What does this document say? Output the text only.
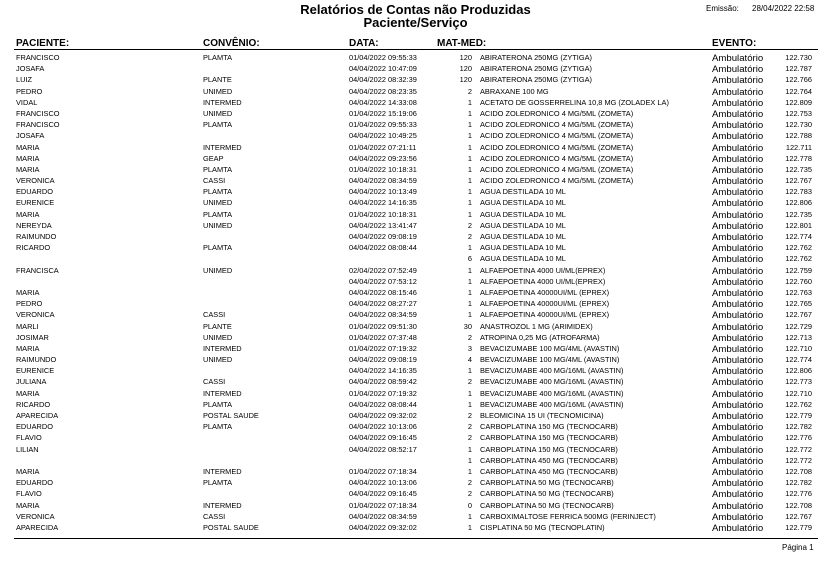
Relatórios de Contas não Produzidas
Paciente/Serviço
Emissão: 28/04/2022 22:58
PACIENTE:	CONVÊNIO:	DATA:	MAT-MED:	EVENTO:
FRANCISCO	PLAMTA	01/04/2022 09:55:33	120 ABIRATERONA 250MG (ZYTIGA)	Ambulatório	122.730
JOSAFA	04/04/2022 10:47:09	120 ABIRATERONA 250MG (ZYTIGA)	Ambulatório	122.787
LUIZ	PLANTE	04/04/2022 08:32:39	120 ABIRATERONA 250MG (ZYTIGA)	Ambulatório	122.766
PEDRO	UNIMED	04/04/2022 08:23:35	2 ABRAXANE 100 MG	Ambulatório	122.764
VIDAL	INTERMED	04/04/2022 14:33:08	1 ACETATO DE GOSSERRELINA 10,8 MG (ZOLADEX LA)	Ambulatório	122.809
FRANCISCO	UNIMED	01/04/2022 15:19:06	1 ACIDO ZOLEDRONICO 4 MG/5ML (ZOMETA)	Ambulatório	122.753
FRANCISCO	PLAMTA	01/04/2022 09:55:33	1 ACIDO ZOLEDRONICO 4 MG/5ML (ZOMETA)	Ambulatório	122.730
JOSAFA	04/04/2022 10:49:25	1 ACIDO ZOLEDRONICO 4 MG/5ML (ZOMETA)	Ambulatório	122.788
MARIA	INTERMED	01/04/2022 07:21:11	1 ACIDO ZOLEDRONICO 4 MG/5ML (ZOMETA)	Ambulatório	122.711
MARIA	GEAP	04/04/2022 09:23:56	1 ACIDO ZOLEDRONICO 4 MG/5ML (ZOMETA)	Ambulatório	122.778
MARIA	PLAMTA	01/04/2022 10:18:31	1 ACIDO ZOLEDRONICO 4 MG/5ML (ZOMETA)	Ambulatório	122.735
VERONICA	CASSI	04/04/2022 08:34:59	1 ACIDO ZOLEDRONICO 4 MG/5ML (ZOMETA)	Ambulatório	122.767
EDUARDO	PLAMTA	04/04/2022 10:13:49	1 AGUA DESTILADA 10 ML	Ambulatório	122.783
EURENICE	UNIMED	04/04/2022 14:16:35	1 AGUA DESTILADA 10 ML	Ambulatório	122.806
MARIA	PLAMTA	01/04/2022 10:18:31	1 AGUA DESTILADA 10 ML	Ambulatório	122.735
NEREYDA	UNIMED	04/04/2022 13:41:47	2 AGUA DESTILADA 10 ML	Ambulatório	122.801
RAIMUNDO	04/04/2022 09:08:19	2 AGUA DESTILADA 10 ML	Ambulatório	122.774
RICARDO	PLAMTA	04/04/2022 08:08:44	1 AGUA DESTILADA 10 ML	Ambulatório	122.762
6 AGUA DESTILADA 10 ML	Ambulatório	122.762
FRANCISCA	UNIMED	02/04/2022 07:52:49	1 ALFAEPOETINA 4000 UI/ML(EPREX)	Ambulatório	122.759
04/04/2022 07:53:12	1 ALFAEPOETINA 4000 UI/ML(EPREX)	Ambulatório	122.760
MARIA	04/04/2022 08:15:46	1 ALFAEPOETINA 40000UI/ML (EPREX)	Ambulatório	122.763
PEDRO	04/04/2022 08:27:27	1 ALFAEPOETINA 40000UI/ML (EPREX)	Ambulatório	122.765
VERONICA	CASSI	04/04/2022 08:34:59	1 ALFAEPOETINA 40000UI/ML (EPREX)	Ambulatório	122.767
MARLI	PLANTE	01/04/2022 09:51:30	30 ANASTROZOL 1 MG (ARIMIDEX)	Ambulatório	122.729
JOSIMAR	UNIMED	01/04/2022 07:37:48	2 ATROPINA 0,25 MG (ATROFARMA)	Ambulatório	122.713
MARIA	INTERMED	01/04/2022 07:19:32	3 BEVACIZUMABE 100 MG/4ML (AVASTIN)	Ambulatório	122.710
RAIMUNDO	UNIMED	04/04/2022 09:08:19	4 BEVACIZUMABE 100 MG/4ML (AVASTIN)	Ambulatório	122.774
EURENICE	04/04/2022 14:16:35	1 BEVACIZUMABE 400 MG/16ML (AVASTIN)	Ambulatório	122.806
JULIANA	CASSI	04/04/2022 08:59:42	2 BEVACIZUMABE 400 MG/16ML (AVASTIN)	Ambulatório	122.773
MARIA	INTERMED	01/04/2022 07:19:32	1 BEVACIZUMABE 400 MG/16ML (AVASTIN)	Ambulatório	122.710
RICARDO	PLAMTA	04/04/2022 08:08:44	1 BEVACIZUMABE 400 MG/16ML (AVASTIN)	Ambulatório	122.762
APARECIDA	POSTAL SAUDE	04/04/2022 09:32:02	2 BLEOMICINA 15 UI (TECNOMICINA)	Ambulatório	122.779
EDUARDO	PLAMTA	04/04/2022 10:13:06	2 CARBOPLATINA 150 MG (TECNOCARB)	Ambulatório	122.782
FLAVIO	04/04/2022 09:16:45	2 CARBOPLATINA 150 MG (TECNOCARB)	Ambulatório	122.776
LILIAN	04/04/2022 08:52:17	1 CARBOPLATINA 150 MG (TECNOCARB)	Ambulatório	122.772
1 CARBOPLATINA 450 MG (TECNOCARB)	Ambulatório	122.772
MARIA	INTERMED	01/04/2022 07:18:34	1 CARBOPLATINA 450 MG (TECNOCARB)	Ambulatório	122.708
EDUARDO	PLAMTA	04/04/2022 10:13:06	2 CARBOPLATINA 50 MG (TECNOCARB)	Ambulatório	122.782
FLAVIO	04/04/2022 09:16:45	2 CARBOPLATINA 50 MG (TECNOCARB)	Ambulatório	122.776
MARIA	INTERMED	01/04/2022 07:18:34	0 CARBOPLATINA 50 MG (TECNOCARB)	Ambulatório	122.708
VERONICA	CASSI	04/04/2022 08:34:59	1 CARBOXIMALTOSE FERRICA 500MG (FERINJECT)	Ambulatório	122.767
APARECIDA	POSTAL SAUDE	04/04/2022 09:32:02	1 CISPLATINA 50 MG (TECNOPLATIN)	Ambulatório	122.779
Página 1
